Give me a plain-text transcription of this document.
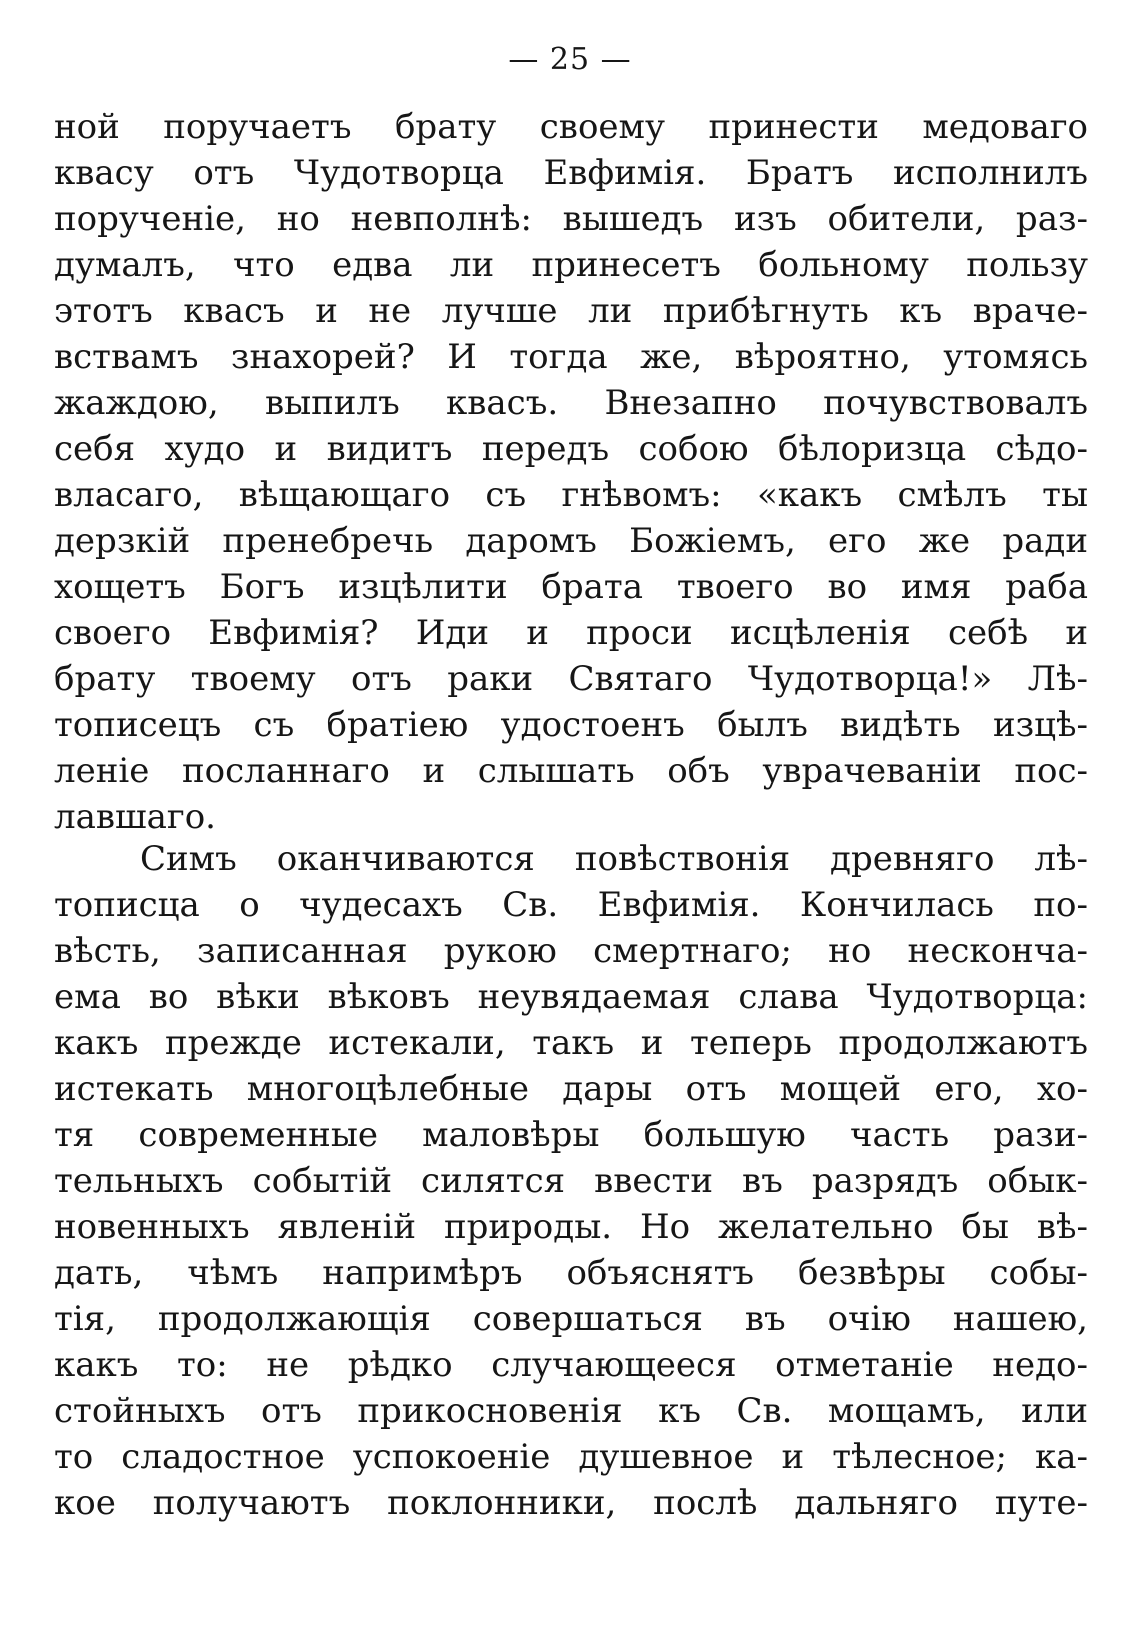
— 25 —
ной поручаетъ брату своему принести медоваго
квасу отъ Чудотворца Евфимія. Братъ исполнилъ
порученіе, но невполнѣ: вышедъ изъ обители, раз-
думалъ, что едва ли принесетъ больному пользу
этотъ квасъ и не лучше ли прибѣгнуть къ враче-
вствамъ знахорей? И тогда же, вѣроятно, утомясь
жаждою, выпилъ квасъ. Внезапно почувствовалъ
себя худо и видитъ передъ собою бѣлоризца сѣдо-
власаго, вѣщающаго съ гнѣвомъ: «какъ смѣлъ ты
дерзкій пренебречь даромъ Божіемъ, его же ради
хощетъ Богъ изцѣлити брата твоего во имя раба
своего Евфимія? Иди и проси исцѣленія себѣ и
брату твоему отъ раки Святаго Чудотворца!» Лѣ-
тописецъ съ братіею удостоенъ былъ видѣть изцѣ-
леніе посланнаго и слышать объ уврачеваніи пос-
лавшаго.
Симъ оканчиваются повѣствонія древняго лѣ-
тописца о чудесахъ Св. Евфимія. Кончилась по-
вѣсть, записанная рукою смертнаго; но несконча-
ема во вѣки вѣковъ неувядаемая слава Чудотворца:
какъ прежде истекали, такъ и теперь продолжаютъ
истекать многоцѣлебные дары отъ мощей его, хо-
тя современные маловѣры большую часть рази-
тельныхъ событій силятся ввести въ разрядъ обык-
новенныхъ явленій природы. Но желательно бы вѣ-
дать, чѣмъ напримѣръ объяснятъ безвѣры собы-
тія, продолжающія совершаться въ очію нашею,
какъ то: не рѣдко случающееся отметаніе недо-
стойныхъ отъ прикосновенія къ Св. мощамъ, или
то сладостное успокоеніе душевное и тѣлесное; ка-
кое получаютъ поклонники, послѣ дальняго путе-
